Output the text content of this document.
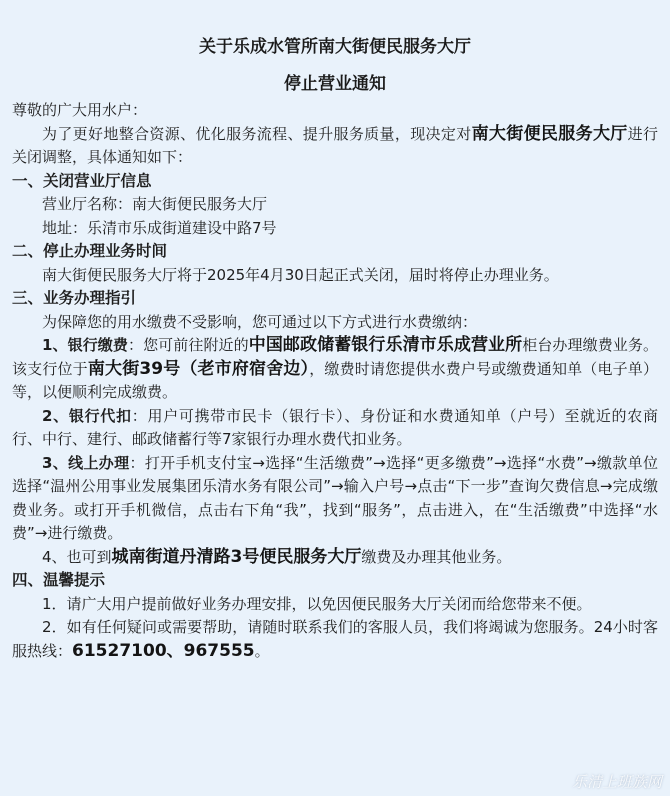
关于乐成水管所南大街便民服务大厅
停止营业通知

尊敬的广大用水户：

为了更好地整合资源、优化服务流程、提升服务质量，现决定对南大街便民服务大厅进行关闭调整，具体通知如下：

一、关闭营业厅信息

营业厅名称：南大街便民服务大厅

地址：乐清市乐成街道建设中路7号

二、停止办理业务时间

南大街便民服务大厅将于2025年4月30日起正式关闭，届时将停止办理业务。

三、业务办理指引

为保障您的用水缴费不受影响，您可通过以下方式进行水费缴纳：

1、银行缴费：您可前往附近的中国邮政储蓄银行乐清市乐成营业所柜台办理缴费业务。该支行位于南大街39号（老市府宿舍边），缴费时请您提供水费户号或缴费通知单（电子单）等，以便顺利完成缴费。

2、银行代扣：用户可携带市民卡（银行卡）、身份证和水费通知单（户号）至就近的农商行、中行、建行、邮政储蓄行等7家银行办理水费代扣业务。

3、线上办理：打开手机支付宝→选择“生活缴费”→选择“更多缴费”→选择“水费”→缴款单位选择“温州公用事业发展集团乐清水务有限公司”→输入户号→点击“下一步”查询欠费信息→完成缴费业务。或打开手机微信，点击右下角“我”，找到“服务”，点击进入，在“生活缴费”中选择“水费”→进行缴费。

4、也可到城南街道丹清路3号便民服务大厅缴费及办理其他业务。

四、温馨提示

1．请广大用户提前做好业务办理安排，以免因便民服务大厅关闭而给您带来不便。

2．如有任何疑问或需要帮助，请随时联系我们的客服人员，我们将竭诚为您服务。24小时客服热线：61527100、967555。

乐清上班族网
